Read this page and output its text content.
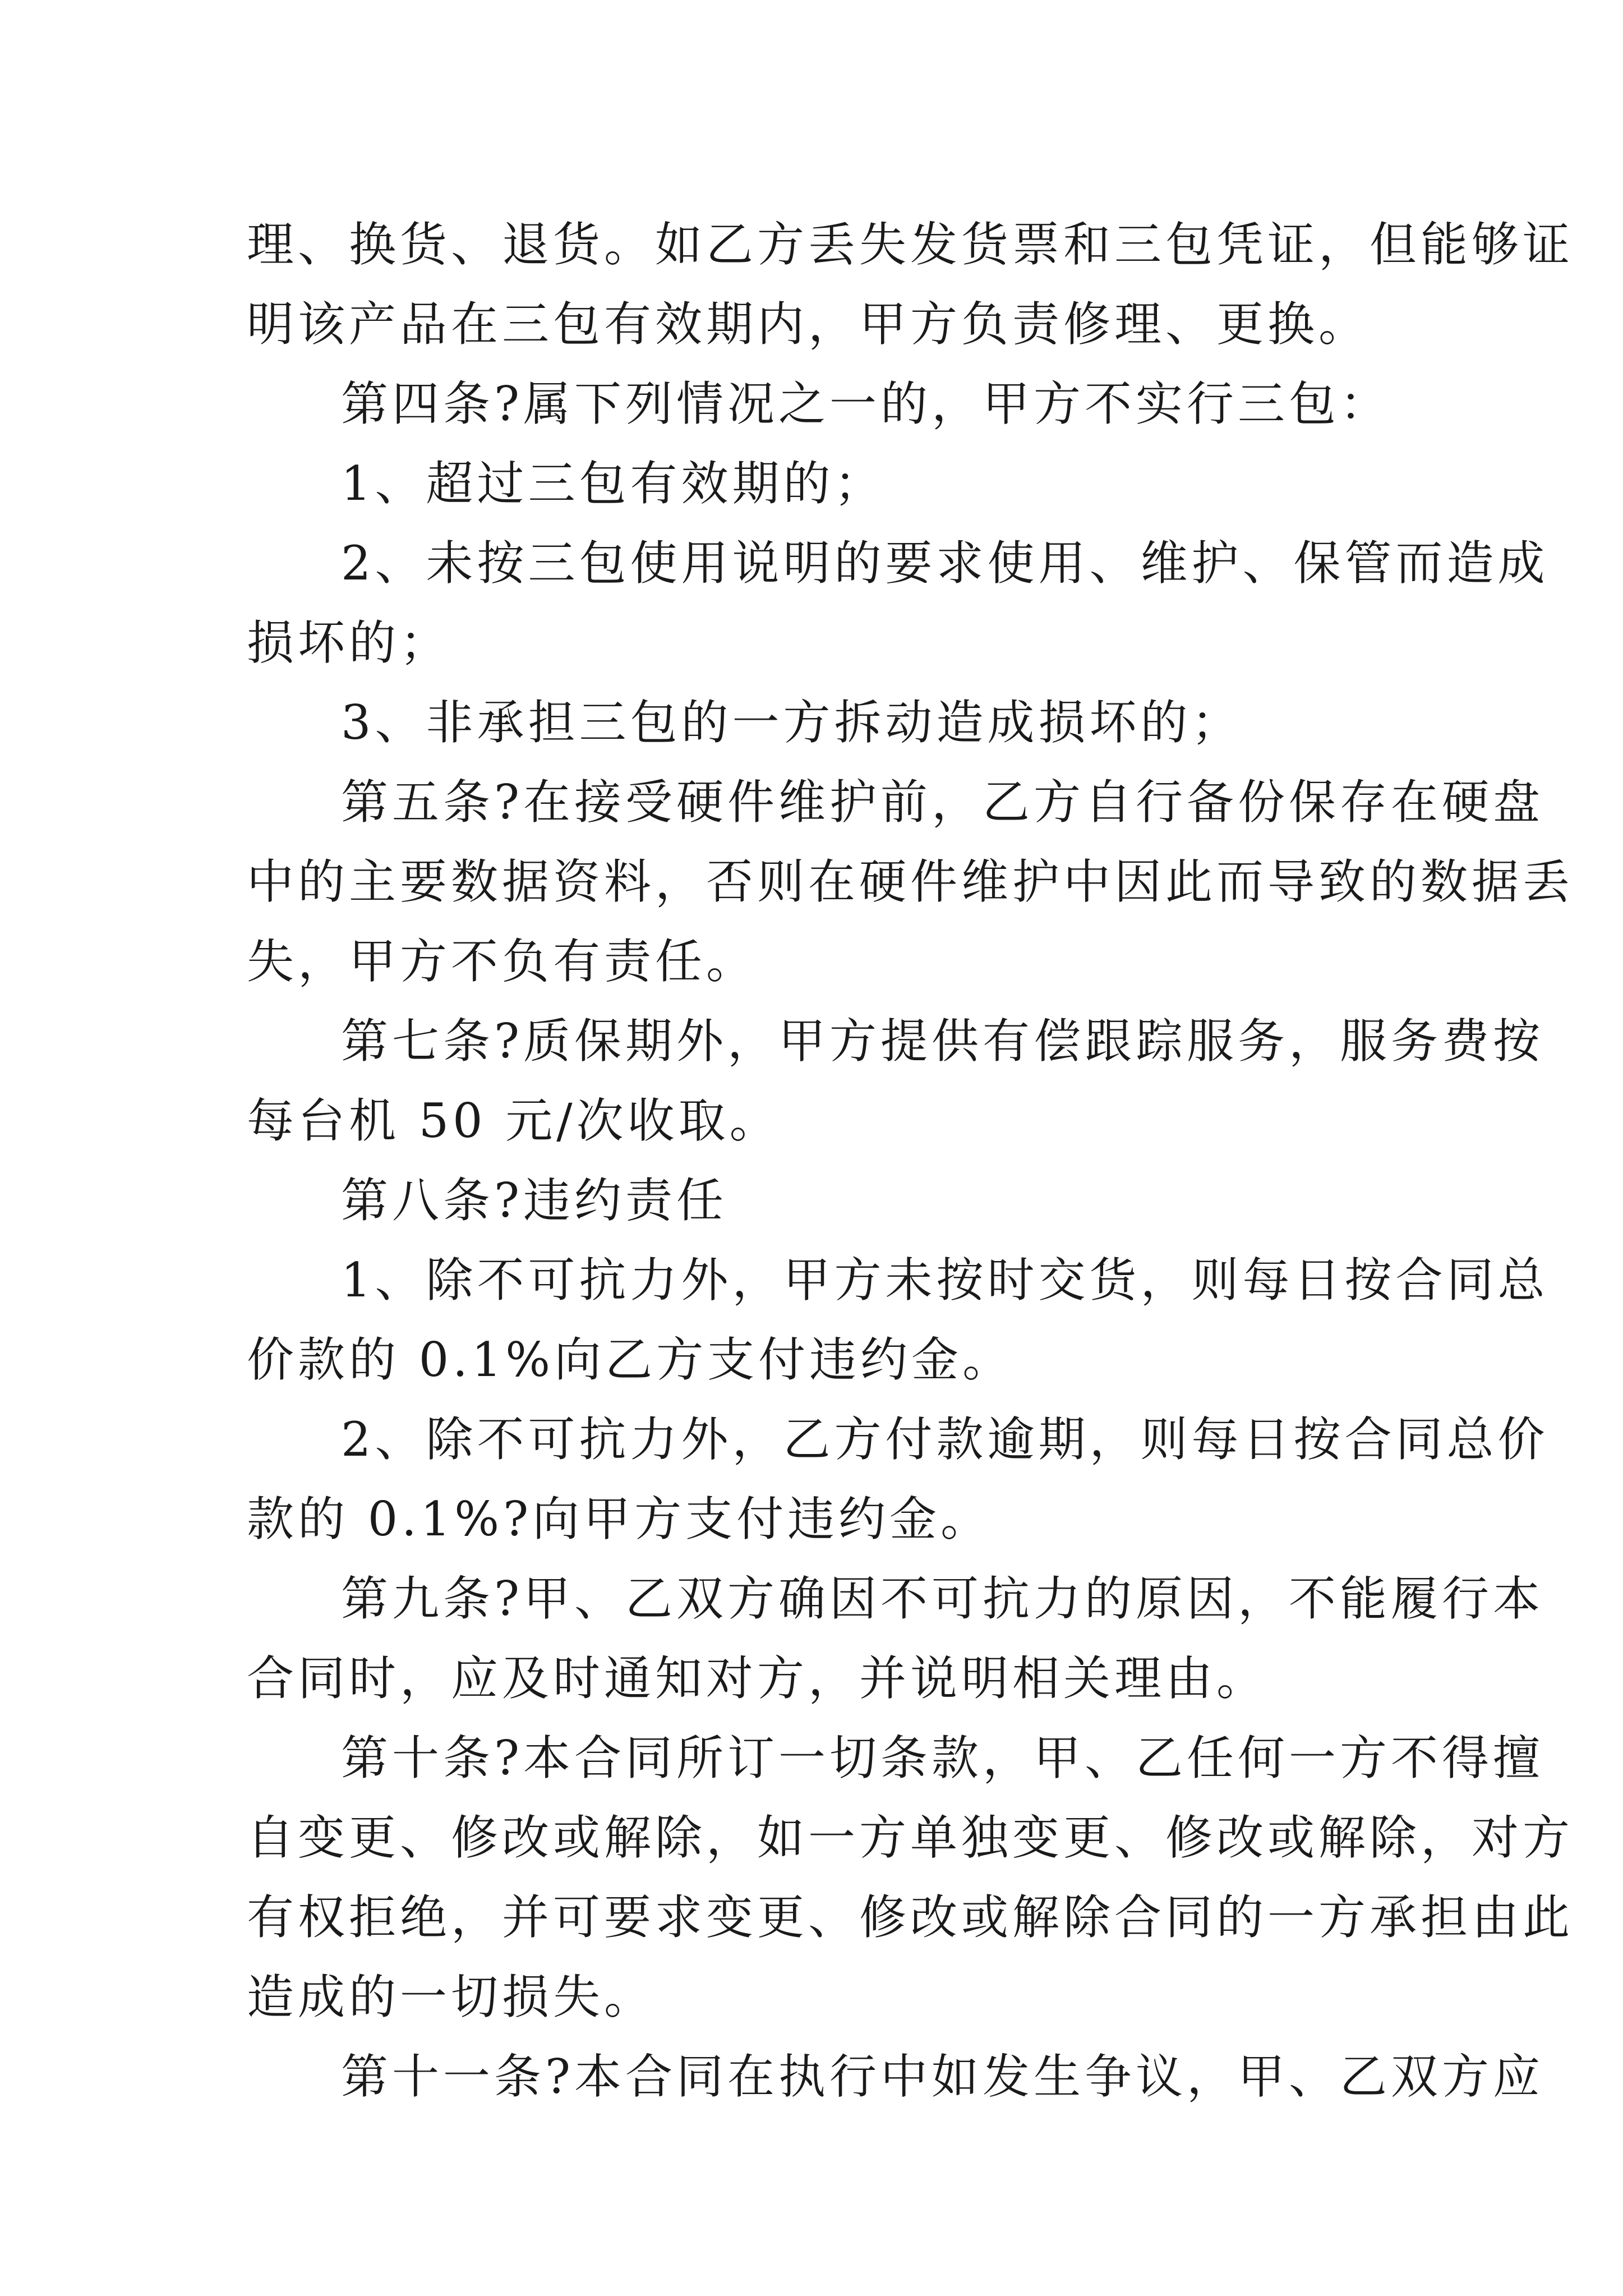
理、换货、退货。如乙方丢失发货票和三包凭证，但能够证
明该产品在三包有效期内，甲方负责修理、更换。
第四条?属下列情况之一的，甲方不实行三包：
1、超过三包有效期的；
2、未按三包使用说明的要求使用、维护、保管而造成
损坏的；
3、非承担三包的一方拆动造成损坏的；
第五条?在接受硬件维护前，乙方自行备份保存在硬盘
中的主要数据资料，否则在硬件维护中因此而导致的数据丢
失，甲方不负有责任。
第七条?质保期外，甲方提供有偿跟踪服务，服务费按
每台机 50 元/次收取。
第八条?违约责任
1、除不可抗力外，甲方未按时交货，则每日按合同总
价款的 0.1%向乙方支付违约金。
2、除不可抗力外，乙方付款逾期，则每日按合同总价
款的 0.1%?向甲方支付违约金。
第九条?甲、乙双方确因不可抗力的原因，不能履行本
合同时，应及时通知对方，并说明相关理由。
第十条?本合同所订一切条款，甲、乙任何一方不得擅
自变更、修改或解除，如一方单独变更、修改或解除，对方
有权拒绝，并可要求变更、修改或解除合同的一方承担由此
造成的一切损失。
第十一条?本合同在执行中如发生争议，甲、乙双方应
